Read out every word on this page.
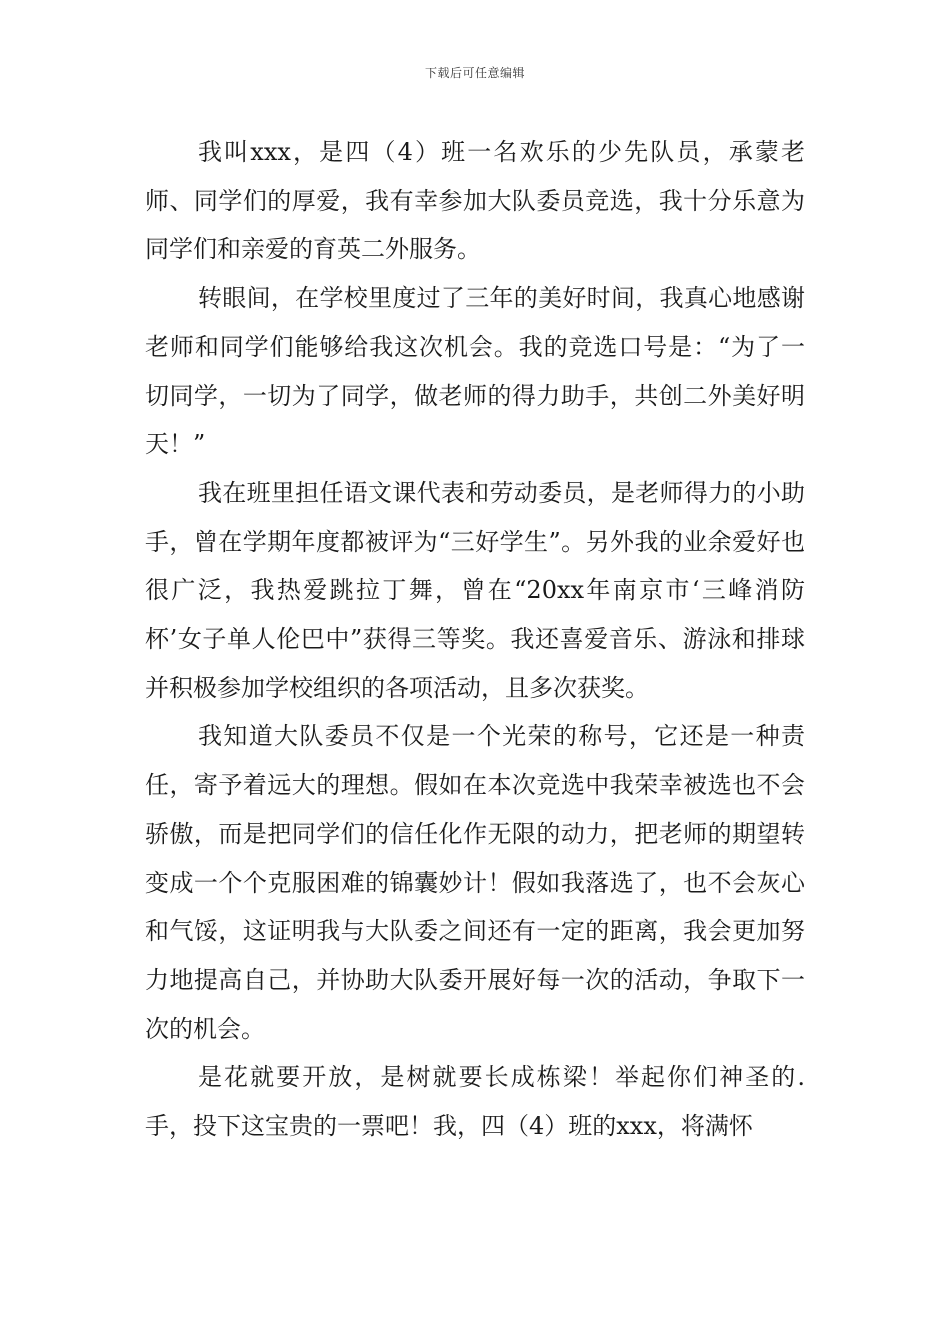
下载后可任意编辑

我叫xxx，是四（4）班一名欢乐的少先队员，承蒙老师、同学们的厚爱，我有幸参加大队委员竞选，我十分乐意为同学们和亲爱的育英二外服务。

转眼间，在学校里度过了三年的美好时间，我真心地感谢老师和同学们能够给我这次机会。我的竞选口号是：“为了一切同学，一切为了同学，做老师的得力助手，共创二外美好明天！”

我在班里担任语文课代表和劳动委员，是老师得力的小助手，曾在学期年度都被评为“三好学生”。另外我的业余爱好也很广泛，我热爱跳拉丁舞，曾在“20xx年南京市‘三峰消防杯’女子单人伦巴中”获得三等奖。我还喜爱音乐、游泳和排球并积极参加学校组织的各项活动，且多次获奖。

我知道大队委员不仅是一个光荣的称号，它还是一种责任，寄予着远大的理想。假如在本次竞选中我荣幸被选也不会骄傲，而是把同学们的信任化作无限的动力，把老师的期望转变成一个个克服困难的锦囊妙计！假如我落选了，也不会灰心和气馁，这证明我与大队委之间还有一定的距离，我会更加努力地提高自己，并协助大队委开展好每一次的活动，争取下一次的机会。

是花就要开放，是树就要长成栋梁！举起你们神圣的.手，投下这宝贵的一票吧！我，四（4）班的xxx，将满怀
